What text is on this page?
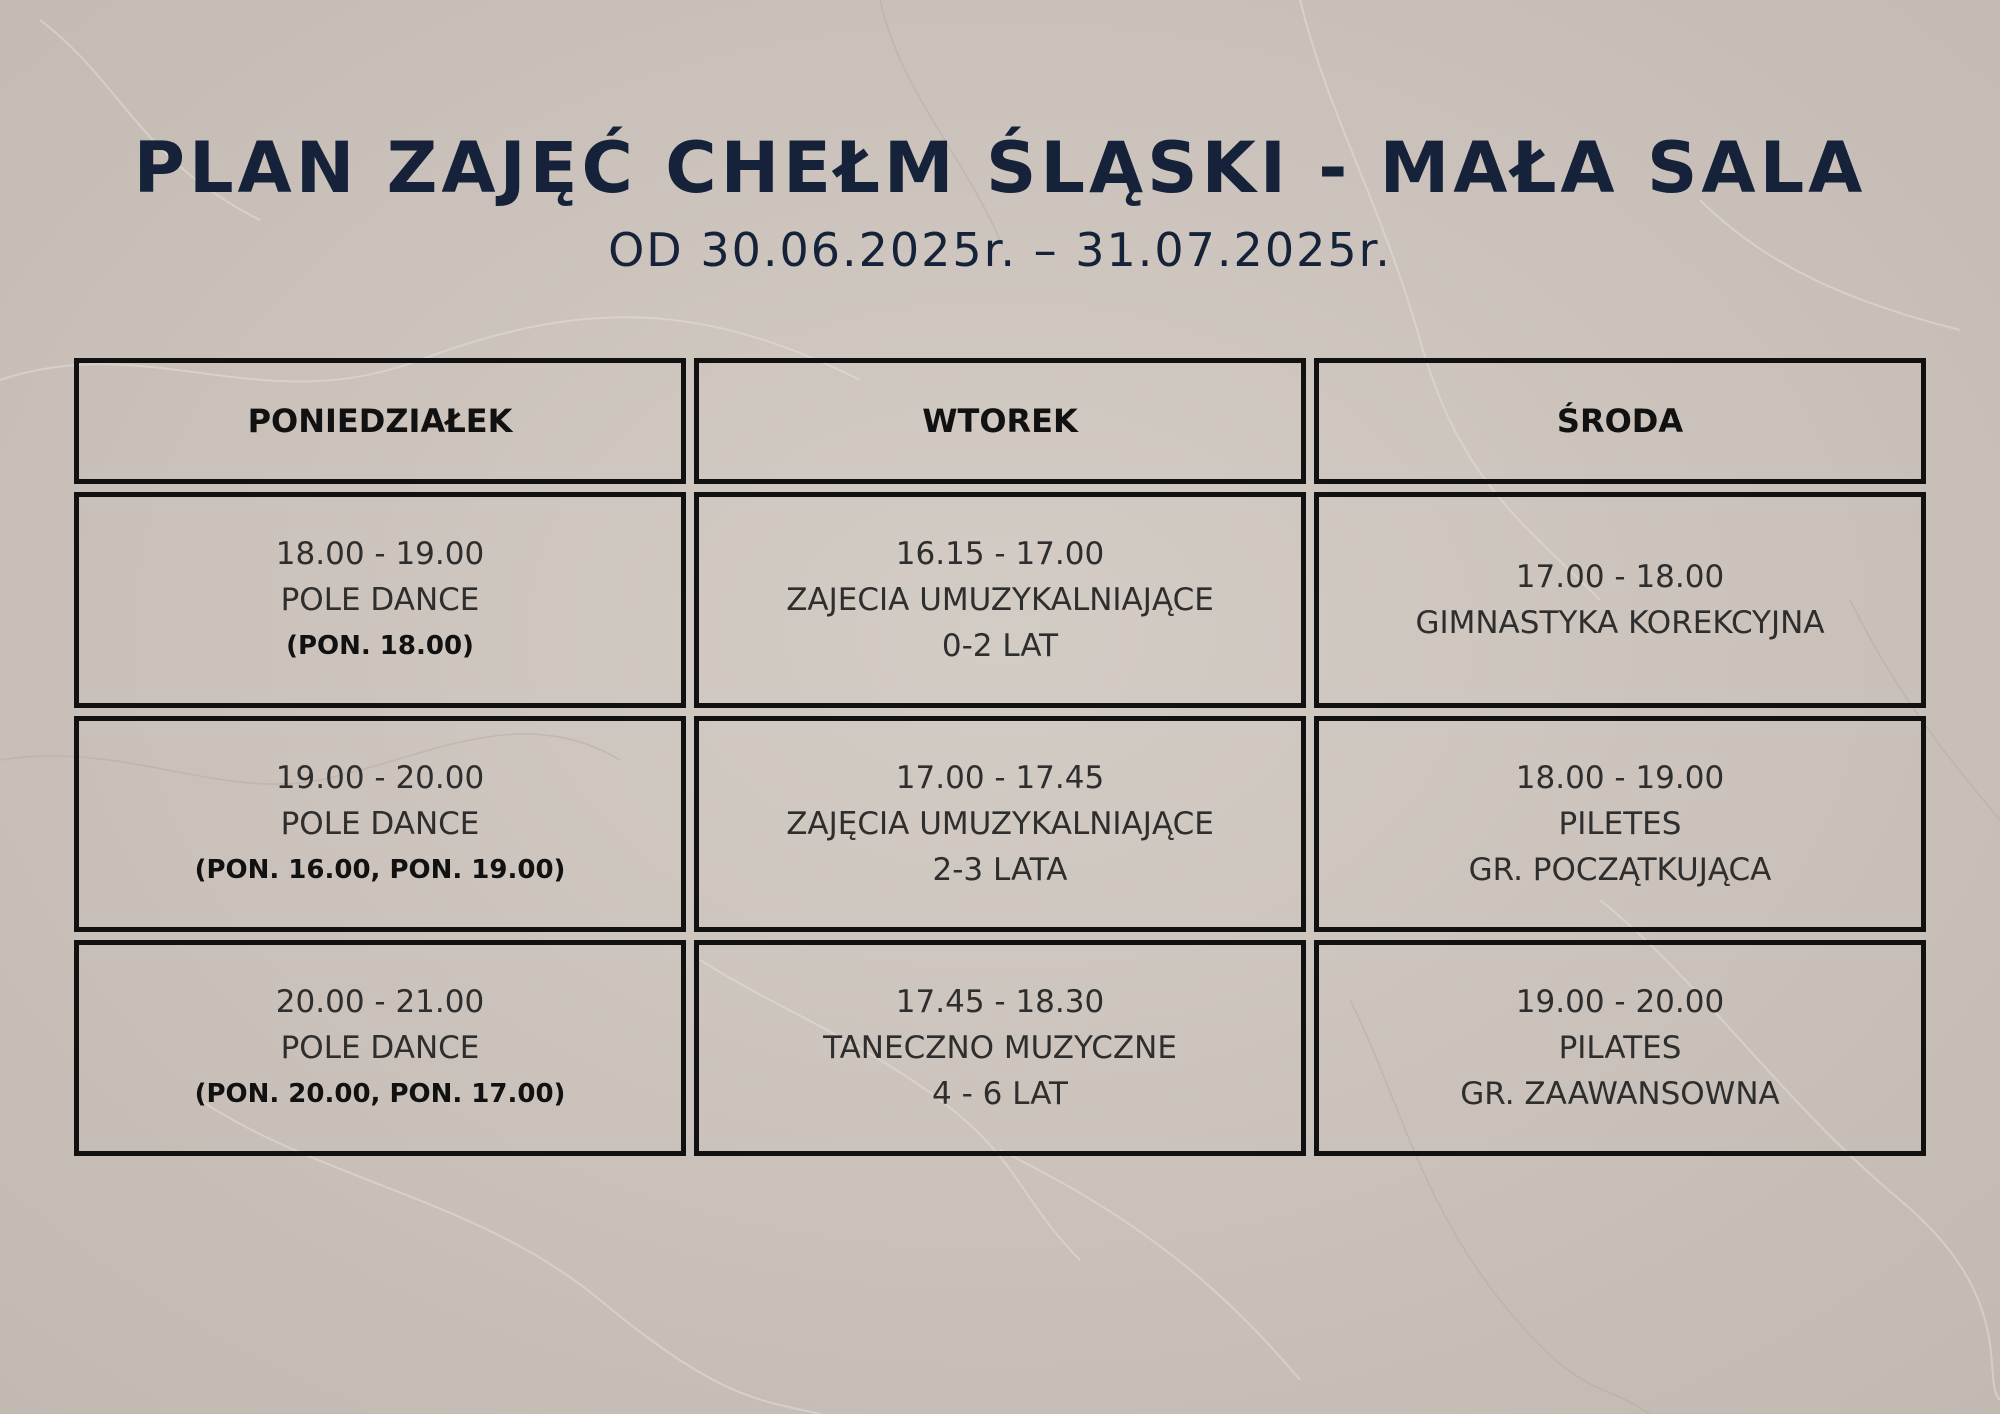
PLAN ZAJĘĆ CHEŁM ŚLĄSKI - MAŁA SALA

OD 30.06.2025r. – 31.07.2025r.

PONIEDZIAŁEK	WTOREK	ŚRODA
18.00 - 19.00
POLE DANCE
(PON. 18.00)
16.15 - 17.00
ZAJECIA UMUZYKALNIAJĄCE
0-2 LAT
17.00 - 18.00
GIMNASTYKA KOREKCYJNA
19.00 - 20.00
POLE DANCE
(PON. 16.00, PON. 19.00)
17.00 - 17.45
ZAJĘCIA UMUZYKALNIAJĄCE
2-3 LATA
18.00 - 19.00
PILETES
GR. POCZĄTKUJĄCA
20.00 - 21.00
POLE DANCE
(PON. 20.00, PON. 17.00)
17.45 - 18.30
TANECZNO MUZYCZNE
4 - 6 LAT
19.00 - 20.00
PILATES
GR. ZAAWANSOWNA
